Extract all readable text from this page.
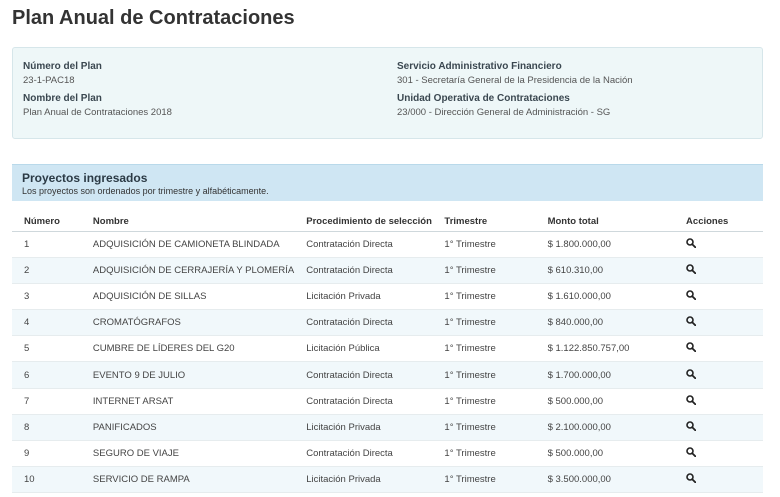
Plan Anual de Contrataciones
Número del Plan
23-1-PAC18
Nombre del Plan
Plan Anual de Contrataciones 2018
Servicio Administrativo Financiero
301 - Secretaría General de la Presidencia de la Nación
Unidad Operativa de Contrataciones
23/000 - Dirección General de Administración - SG
Proyectos ingresados
Los proyectos son ordenados por trimestre y alfabéticamente.
Número	Nombre	Procedimiento de selección	Trimestre	Monto total	Acciones
1	ADQUISICIÓN DE CAMIONETA BLINDADA	Contratación Directa	1° Trimestre	$ 1.800.000,00	

2	ADQUISICIÓN DE CERRAJERÍA Y PLOMERÍA	Contratación Directa	1° Trimestre	$ 610.310,00	

3	ADQUISICIÓN DE SILLAS	Licitación Privada	1° Trimestre	$ 1.610.000,00	

4	CROMATÓGRAFOS	Contratación Directa	1° Trimestre	$ 840.000,00	

5	CUMBRE DE LÍDERES DEL G20	Licitación Pública	1° Trimestre	$ 1.122.850.757,00	

6	EVENTO 9 DE JULIO	Contratación Directa	1° Trimestre	$ 1.700.000,00	

7	INTERNET ARSAT	Contratación Directa	1° Trimestre	$ 500.000,00	

8	PANIFICADOS	Licitación Privada	1° Trimestre	$ 2.100.000,00	

9	SEGURO DE VIAJE	Contratación Directa	1° Trimestre	$ 500.000,00	

10	SERVICIO DE RAMPA	Licitación Privada	1° Trimestre	$ 3.500.000,00	
